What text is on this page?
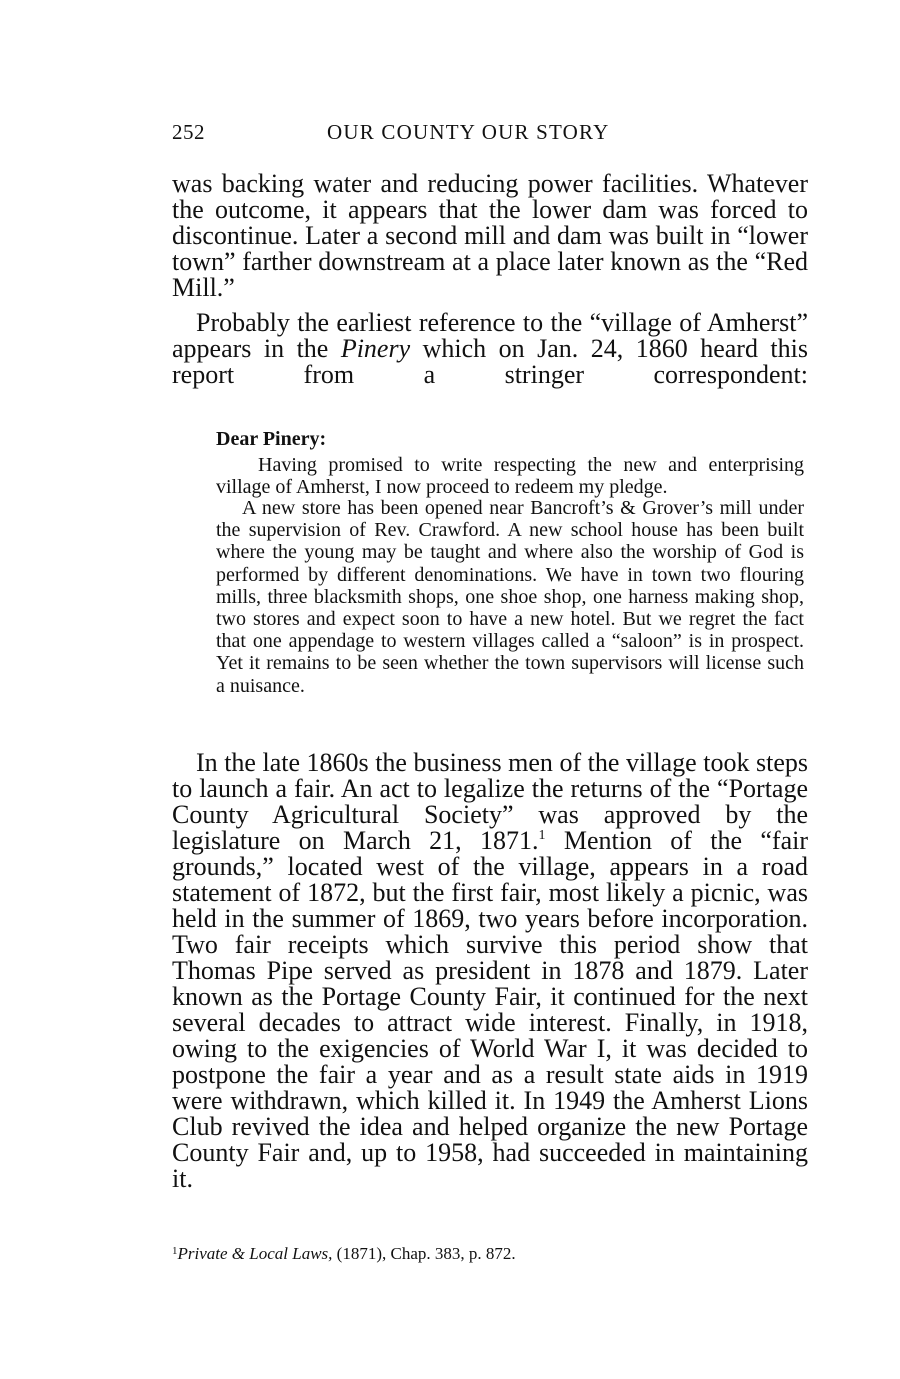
252	OUR COUNTY OUR STORY

was backing water and reducing power facilities. Whatever the outcome, it appears that the lower dam was forced to discontinue. Later a second mill and dam was built in “lower town” farther downstream at a place later known as the “Red Mill.”

Probably the earliest reference to the “village of Amherst” appears in the Pinery which on Jan. 24, 1860 heard this report from a stringer correspondent:

Dear Pinery:

Having promised to write respecting the new and enterprising village of Amherst, I now proceed to redeem my pledge.

A new store has been opened near Bancroft’s & Grover’s mill under the supervision of Rev. Crawford. A new school house has been built where the young may be taught and where also the worship of God is performed by different denominations. We have in town two flouring mills, three blacksmith shops, one shoe shop, one harness making shop, two stores and expect soon to have a new hotel. But we regret the fact that one appendage to western villages called a “saloon” is in prospect. Yet it remains to be seen whether the town supervisors will license such a nuisance.

In the late 1860s the business men of the village took steps to launch a fair. An act to legalize the returns of the “Portage County Agricultural Society” was approved by the legislature on March 21, 1871.$^1$ Mention of the “fair grounds,” located west of the village, appears in a road statement of 1872, but the first fair, most likely a picnic, was held in the summer of 1869, two years before incorporation. Two fair receipts which survive this period show that Thomas Pipe served as president in 1878 and 1879. Later known as the Portage County Fair, it continued for the next several decades to attract wide interest. Finally, in 1918, owing to the exigencies of World War I, it was decided to postpone the fair a year and as a result state aids in 1919 were withdrawn, which killed it. In 1949 the Amherst Lions Club revived the idea and helped organize the new Portage County Fair and, up to 1958, had succeeded in maintaining it.

$^1$Private & Local Laws, (1871), Chap. 383, p. 872.
